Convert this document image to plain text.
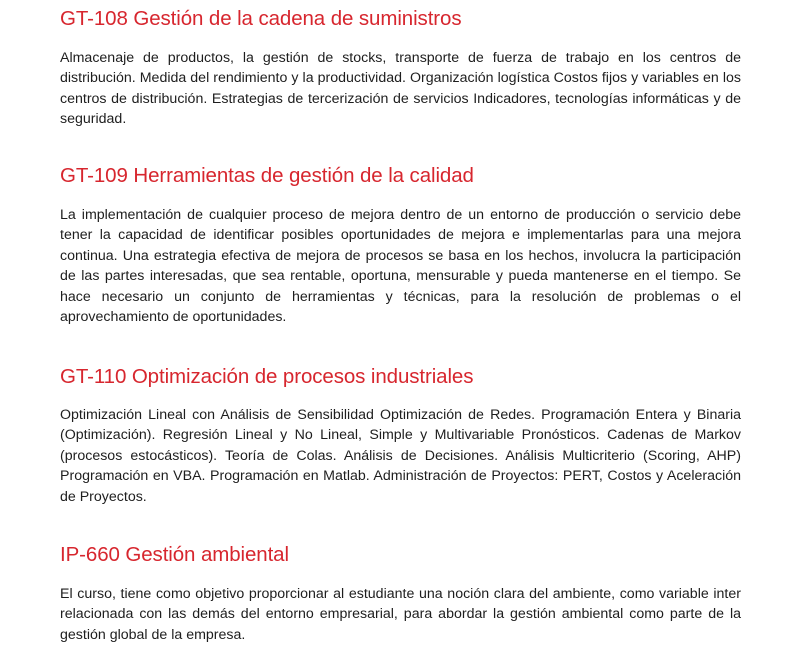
GT-108 Gestión de la cadena de suministros

Almacenaje de productos, la gestión de stocks, transporte de fuerza de trabajo en los centros de distribución. Medida del rendimiento y la productividad. Organización logística Costos fijos y variables en los centros de distribución. Estrategias de tercerización de servicios Indicadores, tecnologías informáticas y de seguridad.

GT-109 Herramientas de gestión de la calidad

La implementación de cualquier proceso de mejora dentro de un entorno de producción o servicio debe tener la capacidad de identificar posibles oportunidades de mejora e implementarlas para una mejora continua. Una estrategia efectiva de mejora de procesos se basa en los hechos, involucra la participación de las partes interesadas, que sea rentable, oportuna, mensurable y pueda mantenerse en el tiempo. Se hace necesario un conjunto de herramientas y técnicas, para la resolución de problemas o el aprovechamiento de oportunidades.

GT-110 Optimización de procesos industriales

Optimización Lineal con Análisis de Sensibilidad Optimización de Redes. Programación Entera y Binaria (Optimización). Regresión Lineal y No Lineal, Simple y Multivariable Pronósticos. Cadenas de Markov (procesos estocásticos). Teoría de Colas. Análisis de Decisiones. Análisis Multicriterio (Scoring, AHP) Programación en VBA. Programación en Matlab. Administración de Proyectos: PERT, Costos y Aceleración de Proyectos.

IP-660 Gestión ambiental

El curso, tiene como objetivo proporcionar al estudiante una noción clara del ambiente, como variable inter relacionada con las demás del entorno empresarial, para abordar la gestión ambiental como parte de la gestión global de la empresa.
